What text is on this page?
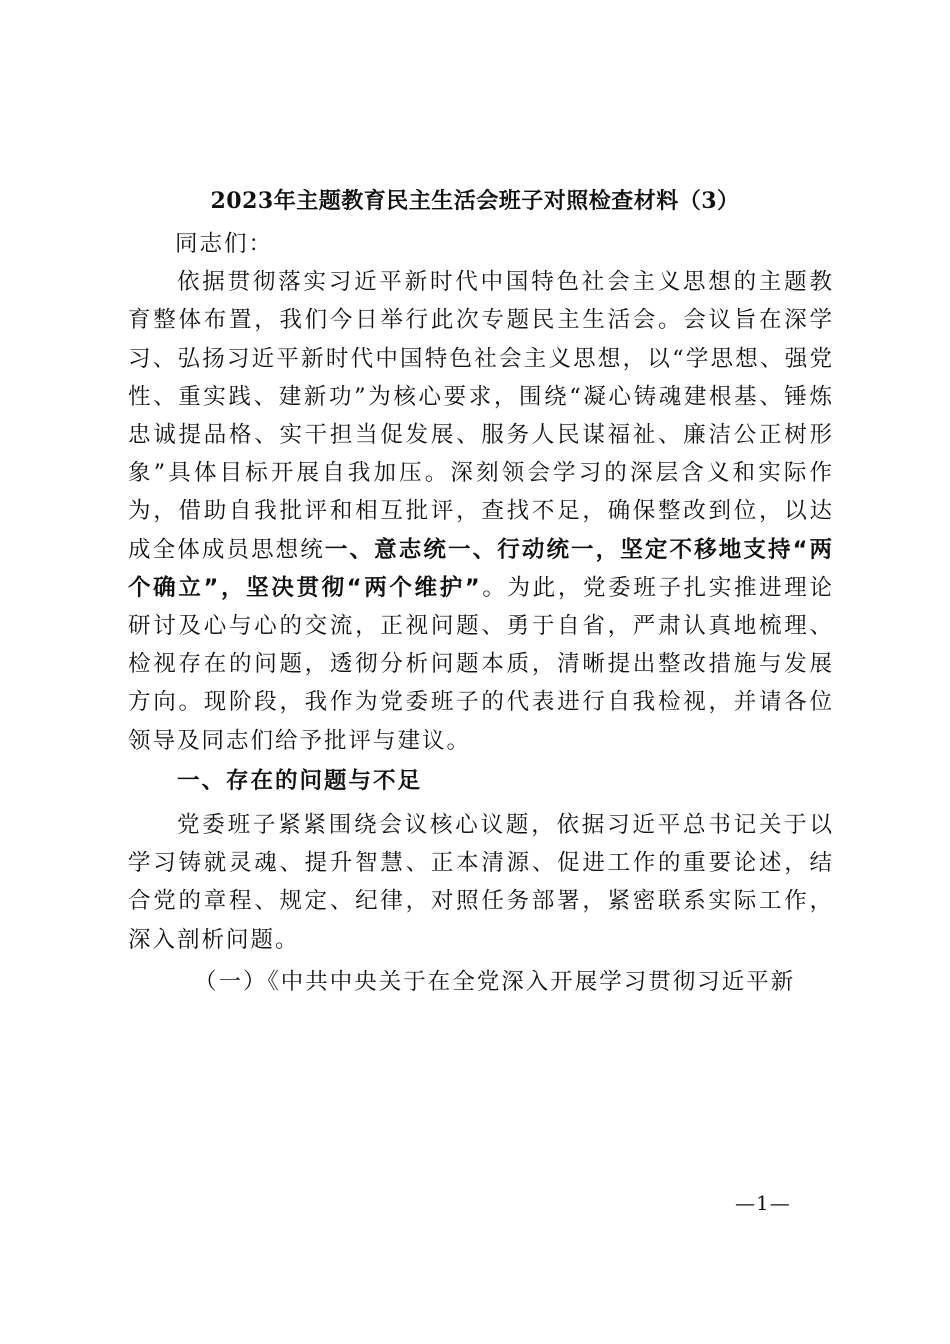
2023年主题教育民主生活会班子对照检查材料（3）

同志们：

依据贯彻落实习近平新时代中国特色社会主义思想的主题教育整体布置，我们今日举行此次专题民主生活会。会议旨在深学习、弘扬习近平新时代中国特色社会主义思想，以“学思想、强党性、重实践、建新功”为核心要求，围绕“凝心铸魂建根基、锤炼忠诚提品格、实干担当促发展、服务人民谋福祉、廉洁公正树形象”具体目标开展自我加压。深刻领会学习的深层含义和实际作为，借助自我批评和相互批评，查找不足，确保整改到位，以达成全体成员思想统一、意志统一、行动统一，坚定不移地支持“两个确立”，坚决贯彻“两个维护”。为此，党委班子扎实推进理论研讨及心与心的交流，正视问题、勇于自省，严肃认真地梳理、检视存在的问题，透彻分析问题本质，清晰提出整改措施与发展方向。现阶段，我作为党委班子的代表进行自我检视，并请各位领导及同志们给予批评与建议。

一、存在的问题与不足

党委班子紧紧围绕会议核心议题，依据习近平总书记关于以学习铸就灵魂、提升智慧、正本清源、促进工作的重要论述，结合党的章程、规定、纪律，对照任务部署，紧密联系实际工作，深入剖析问题。

（一）《中共中央关于在全党深入开展学习贯彻习近平新

—1—
